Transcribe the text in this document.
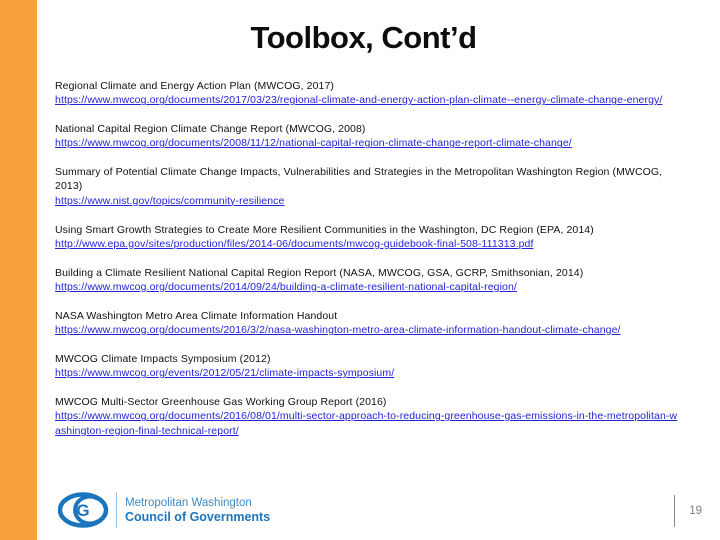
Toolbox, Cont’d
Regional Climate and Energy Action Plan (MWCOG, 2017)
https://www.mwcog.org/documents/2017/03/23/regional-climate-and-energy-action-plan-climate--energy-climate-change-energy/
National Capital Region Climate Change Report (MWCOG, 2008)
https://www.mwcog.org/documents/2008/11/12/national-capital-region-climate-change-report-climate-change/
Summary of Potential Climate Change Impacts, Vulnerabilities and Strategies in the Metropolitan Washington Region (MWCOG, 2013)
https://www.nist.gov/topics/community-resilience
Using Smart Growth Strategies to Create More Resilient Communities in the Washington, DC Region (EPA, 2014)
http://www.epa.gov/sites/production/files/2014-06/documents/mwcog-guidebook-final-508-111313.pdf
Building a Climate Resilient National Capital Region Report (NASA, MWCOG, GSA, GCRP, Smithsonian, 2014)
https://www.mwcog.org/documents/2014/09/24/building-a-climate-resilient-national-capital-region/
NASA Washington Metro Area Climate Information Handout
https://www.mwcog.org/documents/2016/3/2/nasa-washington-metro-area-climate-information-handout-climate-change/
MWCOG Climate Impacts Symposium (2012)
https://www.mwcog.org/events/2012/05/21/climate-impacts-symposium/
MWCOG Multi-Sector Greenhouse Gas Working Group Report (2016)
https://www.mwcog.org/documents/2016/08/01/multi-sector-approach-to-reducing-greenhouse-gas-emissions-in-the-metropolitan-washington-region-final-technical-report/
G	Metropolitan Washington
Council of Governments	19
